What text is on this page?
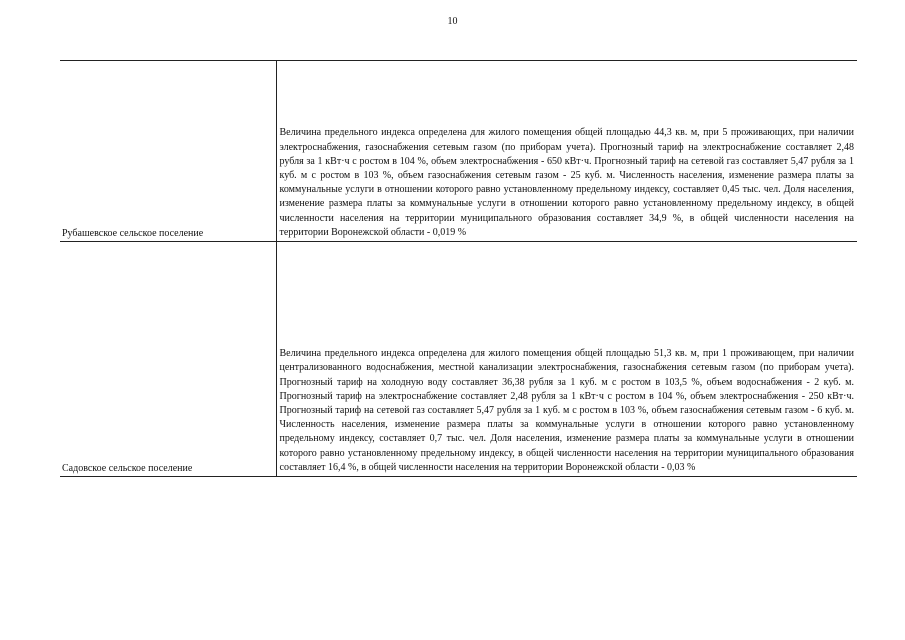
10

Рубашевское сельское поселение	Величина предельного индекса определена для жилого помещения общей площадью 44,3 кв. м, при 5 проживающих, при наличии электроснабжения, газоснабжения сетевым газом (по приборам учета). Прогнозный тариф на электроснабжение составляет 2,48 рубля за 1 кВт·ч с ростом в 104 %, объем электроснабжения - 650 кВт·ч. Прогнозный тариф на сетевой газ составляет 5,47 рубля за 1 куб. м с ростом в 103 %, объем газоснабжения сетевым газом - 25 куб. м. Численность населения, изменение размера платы за коммунальные услуги в отношении которого равно установленному предельному индексу, составляет 0,45 тыс. чел. Доля населения, изменение размера платы за коммунальные услуги в отношении которого равно установленному предельному индексу, в общей численности населения на территории муниципального образования составляет 34,9 %, в общей численности населения на территории Воронежской области - 0,019 %

Садовское сельское поселение	Величина предельного индекса определена для жилого помещения общей площадью 51,3 кв. м, при 1 проживающем, при наличии централизованного водоснабжения, местной канализации электроснабжения, газоснабжения сетевым газом (по приборам учета). Прогнозный тариф на холодную воду составляет 36,38 рубля за 1 куб. м с ростом в 103,5 %, объем водоснабжения - 2 куб. м. Прогнозный тариф на электроснабжение составляет 2,48 рубля за 1 кВт·ч с ростом в 104 %, объем электроснабжения - 250 кВт·ч. Прогнозный тариф на сетевой газ составляет 5,47 рубля за 1 куб. м с ростом в 103 %, объем газоснабжения сетевым газом - 6 куб. м. Численность населения, изменение размера платы за коммунальные услуги в отношении которого равно установленному предельному индексу, составляет 0,7 тыс. чел. Доля населения, изменение размера платы за коммунальные услуги в отношении которого равно установленному предельному индексу, в общей численности населения на территории муниципального образования составляет 16,4 %, в общей численности населения на территории Воронежской области - 0,03 %
